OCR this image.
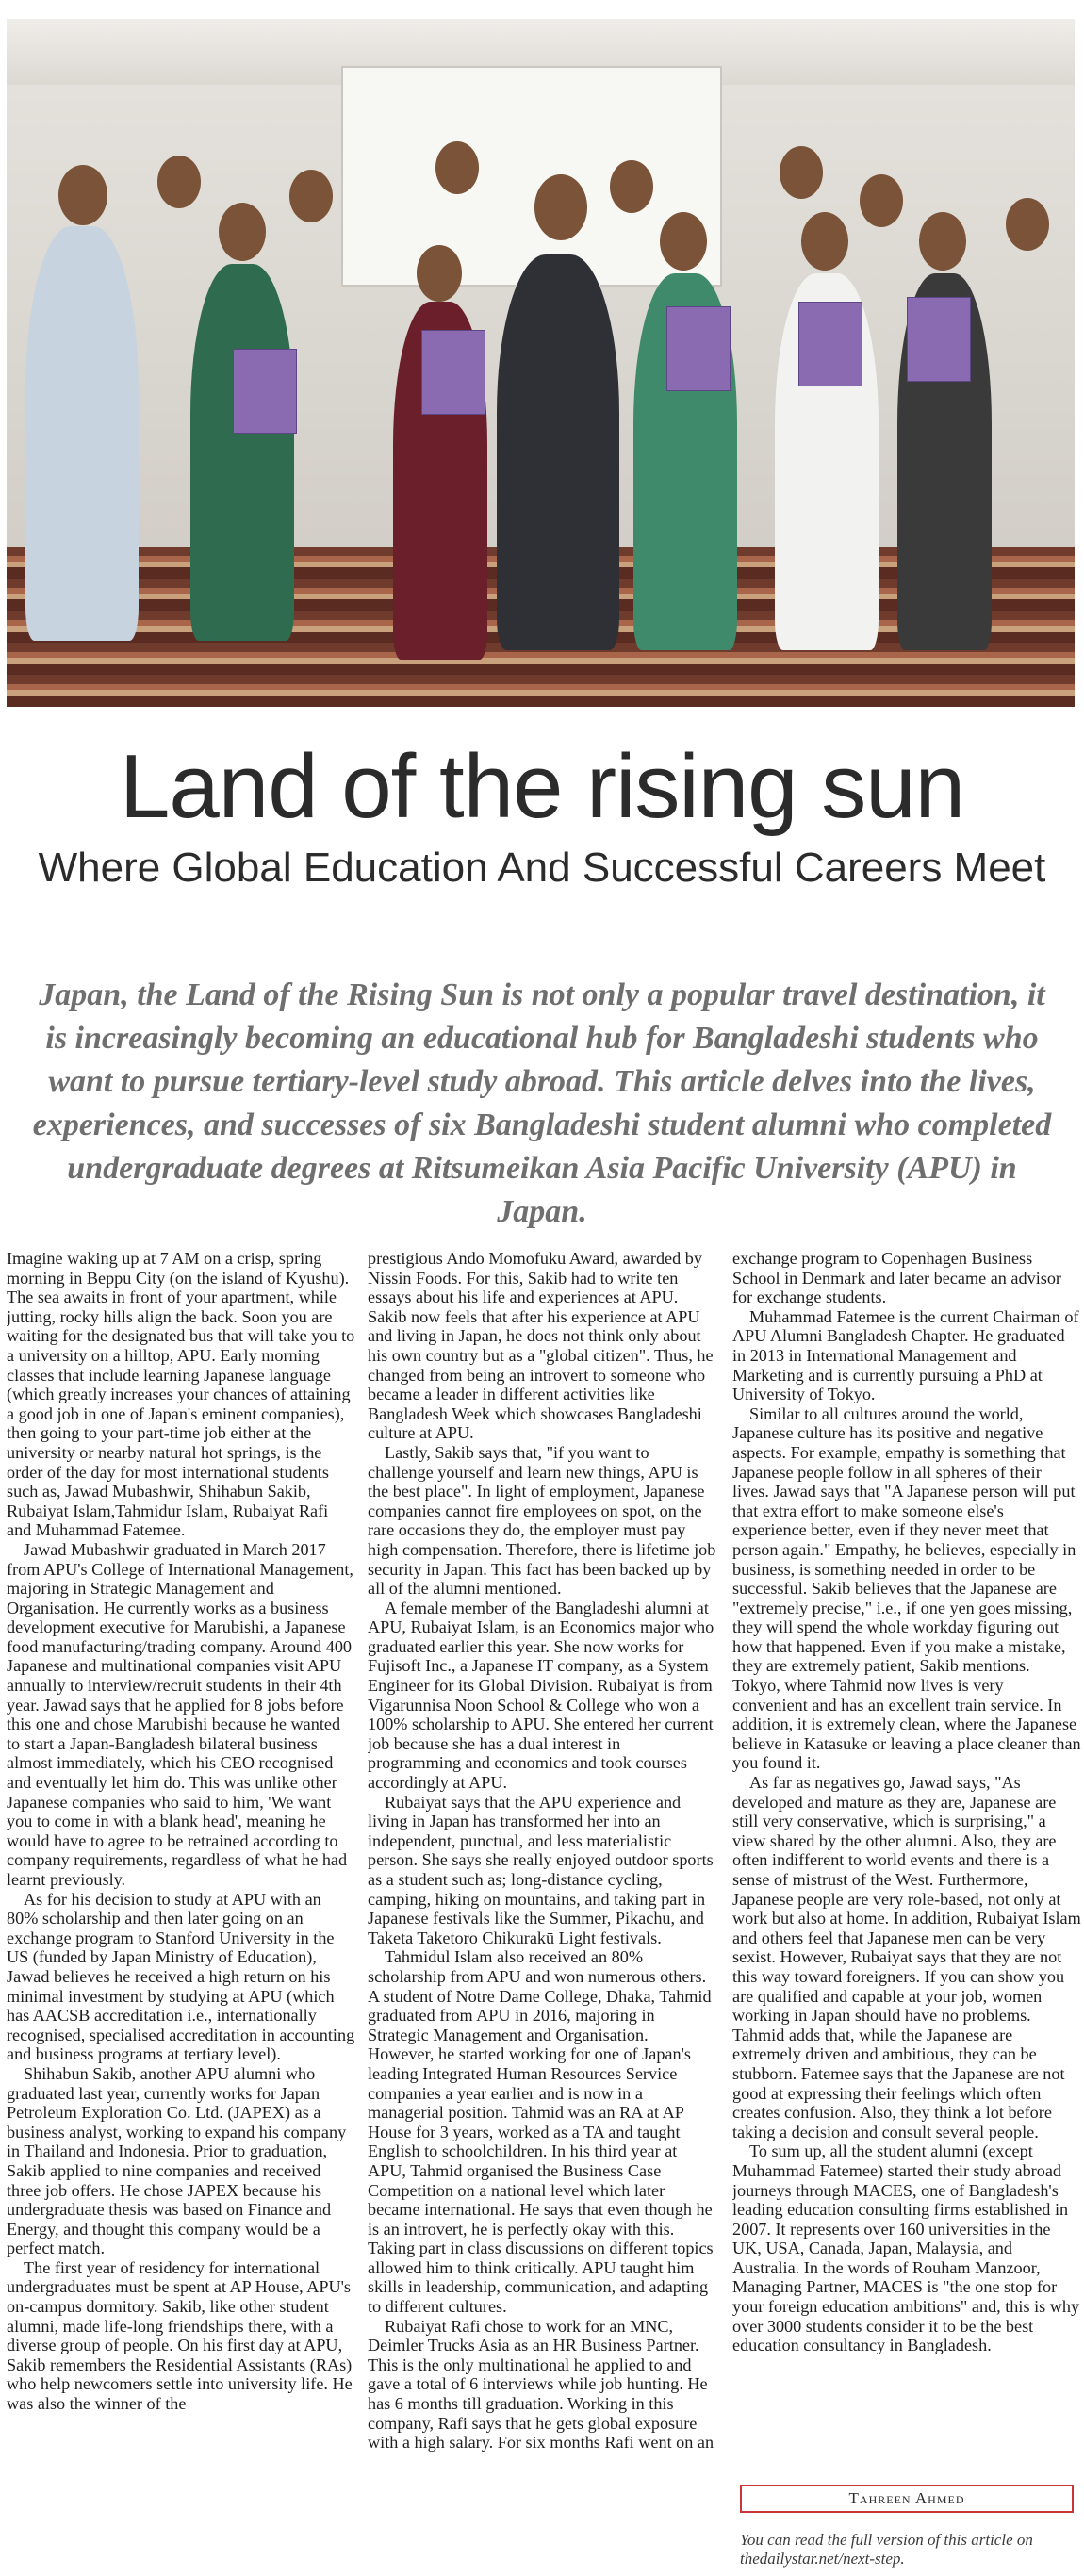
Land of the rising sun
Where Global Education And Successful Careers Meet

Japan, the Land of the Rising Sun is not only a popular travel destination, it is increasingly becoming an educational hub for Bangladeshi students who want to pursue tertiary-level study abroad. This article delves into the lives, experiences, and successes of six Bangladeshi student alumni who completed undergraduate degrees at Ritsumeikan Asia Pacific University (APU) in Japan.

Imagine waking up at 7 AM on a crisp, spring morning in Beppu City (on the island of Kyushu). The sea awaits in front of your apartment, while jutting, rocky hills align the back. Soon you are waiting for the designated bus that will take you to a university on a hilltop, APU. Early morning classes that include learning Japanese language (which greatly increases your chances of attaining a good job in one of Japan's eminent companies), then going to your part-time job either at the university or nearby natural hot springs, is the order of the day for most international students such as, Jawad Mubashwir, Shihabun Sakib, Rubaiyat Islam,Tahmidur Islam, Rubaiyat Rafi and Muhammad Fatemee.

Jawad Mubashwir graduated in March 2017 from APU's College of International Management, majoring in Strategic Management and Organisation. He currently works as a business development executive for Marubishi, a Japanese food manufacturing/trading company. Around 400 Japanese and multinational companies visit APU annually to interview/recruit students in their 4th year. Jawad says that he applied for 8 jobs before this one and chose Marubishi because he wanted to start a Japan-Bangladesh bilateral business almost immediately, which his CEO recognised and eventually let him do. This was unlike other Japanese companies who said to him, 'We want you to come in with a blank head', meaning he would have to agree to be retrained according to company requirements, regardless of what he had learnt previously.

As for his decision to study at APU with an 80% scholarship and then later going on an exchange program to Stanford University in the US (funded by Japan Ministry of Education), Jawad believes he received a high return on his minimal investment by studying at APU (which has AACSB accreditation i.e., internationally recognised, specialised accreditation in accounting and business programs at tertiary level).

Shihabun Sakib, another APU alumni who graduated last year, currently works for Japan Petroleum Exploration Co. Ltd. (JAPEX) as a business analyst, working to expand his company in Thailand and Indonesia. Prior to graduation, Sakib applied to nine companies and received three job offers. He chose JAPEX because his undergraduate thesis was based on Finance and Energy, and thought this company would be a perfect match.

The first year of residency for international undergraduates must be spent at AP House, APU's on-campus dormitory. Sakib, like other student alumni, made life-long friendships there, with a diverse group of people. On his first day at APU, Sakib remembers the Residential Assistants (RAs) who help newcomers settle into university life. He was also the winner of the

prestigious Ando Momofuku Award, awarded by Nissin Foods. For this, Sakib had to write ten essays about his life and experiences at APU. Sakib now feels that after his experience at APU and living in Japan, he does not think only about his own country but as a "global citizen". Thus, he changed from being an introvert to someone who became a leader in different activities like Bangladesh Week which showcases Bangladeshi culture at APU.

Lastly, Sakib says that, "if you want to challenge yourself and learn new things, APU is the best place". In light of employment, Japanese companies cannot fire employees on spot, on the rare occasions they do, the employer must pay high compensation. Therefore, there is lifetime job security in Japan. This fact has been backed up by all of the alumni mentioned.

A female member of the Bangladeshi alumni at APU, Rubaiyat Islam, is an Economics major who graduated earlier this year. She now works for Fujisoft Inc., a Japanese IT company, as a System Engineer for its Global Division. Rubaiyat is from Vigarunnisa Noon School & College who won a 100% scholarship to APU. She entered her current job because she has a dual interest in programming and economics and took courses accordingly at APU.

Rubaiyat says that the APU experience and living in Japan has transformed her into an independent, punctual, and less materialistic person. She says she really enjoyed outdoor sports as a student such as; long-distance cycling, camping, hiking on mountains, and taking part in Japanese festivals like the Summer, Pikachu, and Taketa Taketoro Chikurakū Light festivals.

Tahmidul Islam also received an 80% scholarship from APU and won numerous others. A student of Notre Dame College, Dhaka, Tahmid graduated from APU in 2016, majoring in Strategic Management and Organisation. However, he started working for one of Japan's leading Integrated Human Resources Service companies a year earlier and is now in a managerial position. Tahmid was an RA at AP House for 3 years, worked as a TA and taught English to schoolchildren. In his third year at APU, Tahmid organised the Business Case Competition on a national level which later became international. He says that even though he is an introvert, he is perfectly okay with this. Taking part in class discussions on different topics allowed him to think critically. APU taught him skills in leadership, communication, and adapting to different cultures.

Rubaiyat Rafi chose to work for an MNC, Deimler Trucks Asia as an HR Business Partner. This is the only multinational he applied to and gave a total of 6 interviews while job hunting. He has 6 months till graduation. Working in this company, Rafi says that he gets global exposure with a high salary. For six months Rafi went on an

exchange program to Copenhagen Business School in Denmark and later became an advisor for exchange students.

Muhammad Fatemee is the current Chairman of APU Alumni Bangladesh Chapter. He graduated in 2013 in International Management and Marketing and is currently pursuing a PhD at University of Tokyo.

Similar to all cultures around the world, Japanese culture has its positive and negative aspects. For example, empathy is something that Japanese people follow in all spheres of their lives. Jawad says that "A Japanese person will put that extra effort to make someone else's experience better, even if they never meet that person again." Empathy, he believes, especially in business, is something needed in order to be successful. Sakib believes that the Japanese are "extremely precise," i.e., if one yen goes missing, they will spend the whole workday figuring out how that happened. Even if you make a mistake, they are extremely patient, Sakib mentions. Tokyo, where Tahmid now lives is very convenient and has an excellent train service. In addition, it is extremely clean, where the Japanese believe in Katasuke or leaving a place cleaner than you found it.

As far as negatives go, Jawad says, "As developed and mature as they are, Japanese are still very conservative, which is surprising," a view shared by the other alumni. Also, they are often indifferent to world events and there is a sense of mistrust of the West. Furthermore, Japanese people are very role-based, not only at work but also at home. In addition, Rubaiyat Islam and others feel that Japanese men can be very sexist. However, Rubaiyat says that they are not this way toward foreigners. If you can show you are qualified and capable at your job, women working in Japan should have no problems. Tahmid adds that, while the Japanese are extremely driven and ambitious, they can be stubborn. Fatemee says that the Japanese are not good at expressing their feelings which often creates confusion. Also, they think a lot before taking a decision and consult several people.

To sum up, all the student alumni (except Muhammad Fatemee) started their study abroad journeys through MACES, one of Bangladesh's leading education consulting firms established in 2007. It represents over 160 universities in the UK, USA, Canada, Japan, Malaysia, and Australia. In the words of Rouham Manzoor, Managing Partner, MACES is "the one stop for your foreign education ambitions" and, this is why over 3000 students consider it to be the best education consultancy in Bangladesh.

Tahreen Ahmed
You can read the full version of this article on thedailystar.net/next-step.
